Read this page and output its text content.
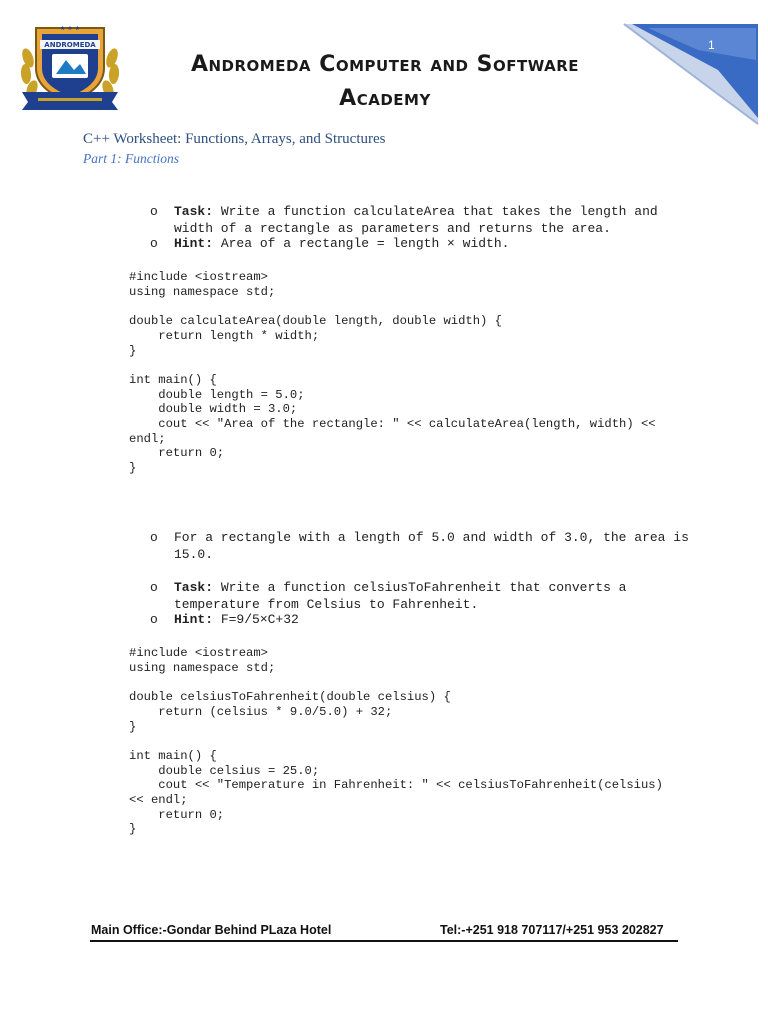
★ ★ ★
ANDROMEDA	1
Andromeda Computer and Software
Academy
C++ Worksheet: Functions, Arrays, and Structures
Part 1: Functions
o Task: Write a function calculateArea that takes the length and width of a rectangle as parameters and returns the area.
o Hint: Area of a rectangle = length × width.
#include <iostream>
using namespace std;

double calculateArea(double length, double width) {
return length * width;
}

int main() {
double length = 5.0;
double width = 3.0;
cout << "Area of the rectangle: " << calculateArea(length, width) <<
endl;
return 0;
}
o For a rectangle with a length of 5.0 and width of 3.0, the area is 15.0.
o Task: Write a function celsiusToFahrenheit that converts a temperature from Celsius to Fahrenheit.
o Hint: F=9/5×C+32
#include <iostream>
using namespace std;

double celsiusToFahrenheit(double celsius) {
return (celsius * 9.0/5.0) + 32;
}

int main() {
double celsius = 25.0;
cout << "Temperature in Fahrenheit: " << celsiusToFahrenheit(celsius)
<< endl;
return 0;
}
Main Office:-Gondar Behind PLaza Hotel	Tel:-+251 918 707117/+251 953 202827
